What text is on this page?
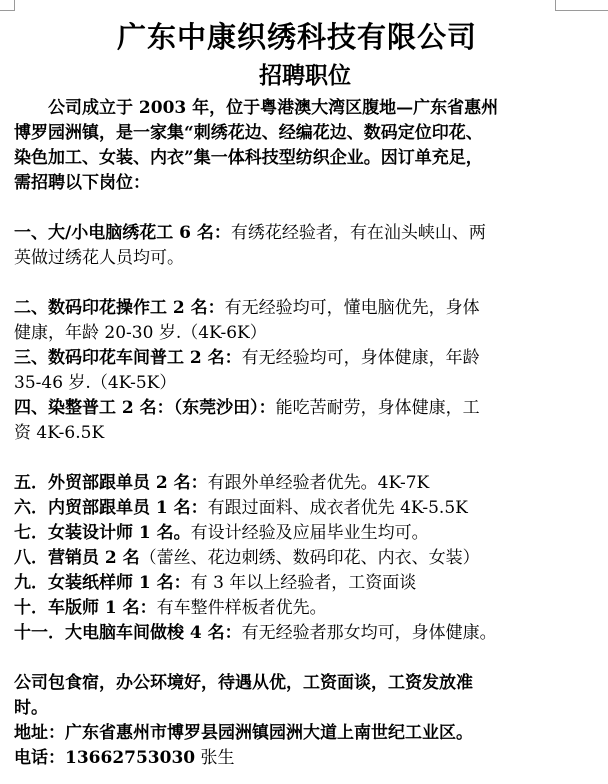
广东中康织绣科技有限公司
招聘职位

公司成立于 2003 年，位于粤港澳大湾区腹地—广东省惠州

博罗园洲镇，是一家集“刺绣花边、经编花边、数码定位印花、

染色加工、女装、内衣”集一体科技型纺织企业。因订单充足，

需招聘以下岗位：

一、大/小电脑绣花工 6 名：有绣花经验者，有在汕头峡山、两

英做过绣花人员均可。

二、数码印花操作工 2 名：有无经验均可，懂电脑优先，身体

健康，年龄 20-30 岁.（4K-6K）

三、数码印花车间普工 2 名：有无经验均可，身体健康，年龄

35-46 岁.（4K-5K）

四、染整普工 2 名：（东莞沙田）：能吃苦耐劳，身体健康，工

资 4K-6.5K

五．外贸部跟单员 2 名：有跟外单经验者优先。4K-7K

六．内贸部跟单员 1 名：有跟过面料、成衣者优先 4K-5.5K

七．女装设计师 1 名。有设计经验及应届毕业生均可。

八．营销员 2 名（蕾丝、花边刺绣、数码印花、内衣、女装）

九．女装纸样师 1 名：有 3 年以上经验者，工资面谈

十．车版师 1 名：有车整件样板者优先。

十一．大电脑车间做梭 4 名：有无经验者那女均可，身体健康。

公司包食宿，办公环境好，待遇从优，工资面谈，工资发放准

时。

地址：广东省惠州市博罗县园洲镇园洲大道上南世纪工业区。

电话：13662753030 张生
